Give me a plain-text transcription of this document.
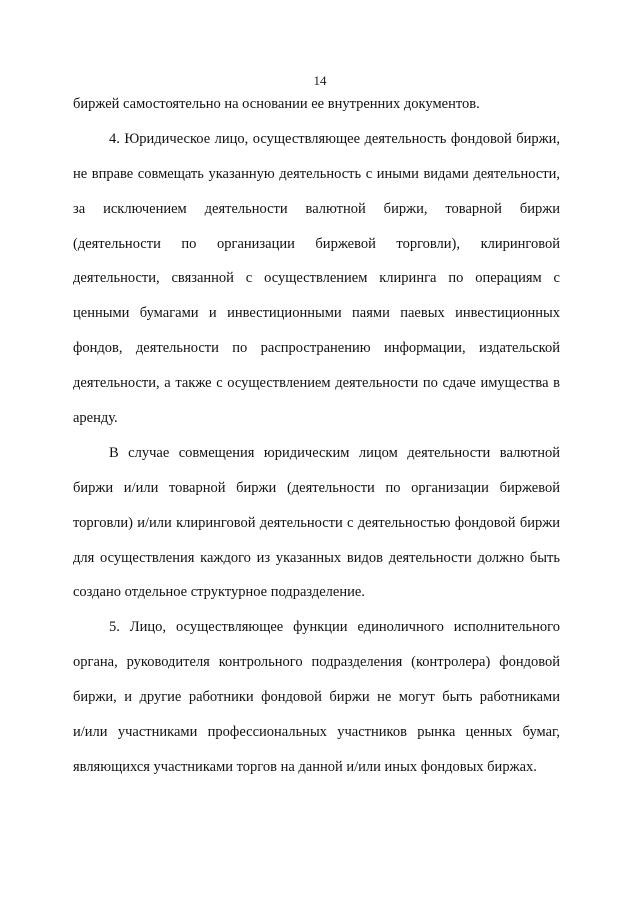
14
биржей самостоятельно на основании ее внутренних документов.
4. Юридическое лицо, осуществляющее деятельность фондовой биржи,
не вправе совмещать указанную деятельность с иными видами деятельности,
за исключением деятельности валютной биржи, товарной биржи
(деятельности по организации биржевой торговли), клиринговой
деятельности, связанной с осуществлением клиринга по операциям с
ценными бумагами и инвестиционными паями паевых инвестиционных
фондов, деятельности по распространению информации, издательской
деятельности, а также с осуществлением деятельности по сдаче имущества в
аренду.
В случае совмещения юридическим лицом деятельности валютной
биржи и/или товарной биржи (деятельности по организации биржевой
торговли) и/или клиринговой деятельности с деятельностью фондовой биржи
для осуществления каждого из указанных видов деятельности должно быть
создано отдельное структурное подразделение.
5. Лицо, осуществляющее функции единоличного исполнительного
органа, руководителя контрольного подразделения (контролера) фондовой
биржи, и другие работники фондовой биржи не могут быть работниками
и/или участниками профессиональных участников рынка ценных бумаг,
являющихся участниками торгов на данной и/или иных фондовых биржах.
